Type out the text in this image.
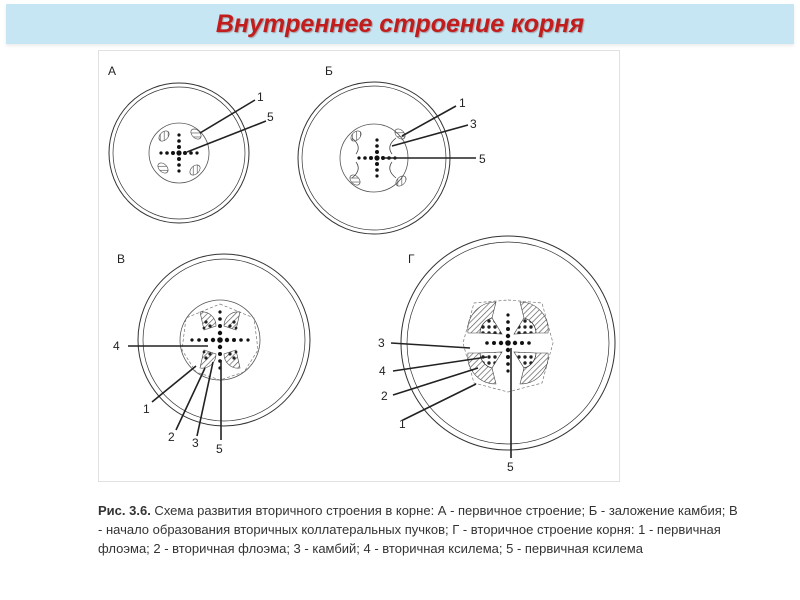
Внутреннее строение корня
А
1
5
Б
1
3
5
В
4
1
2 3 5
Г
3
4
2
1
5
Рис. 3.6. Схема развития вторичного строения в корне: А - первичное строение; Б - заложение камбия; В - начало образования вторичных коллатеральных пучков; Г - вторичное строение корня: 1 - первичная флоэма; 2 - вторичная флоэма; 3 - камбий; 4 - вторичная ксилема; 5 - первичная ксилема
